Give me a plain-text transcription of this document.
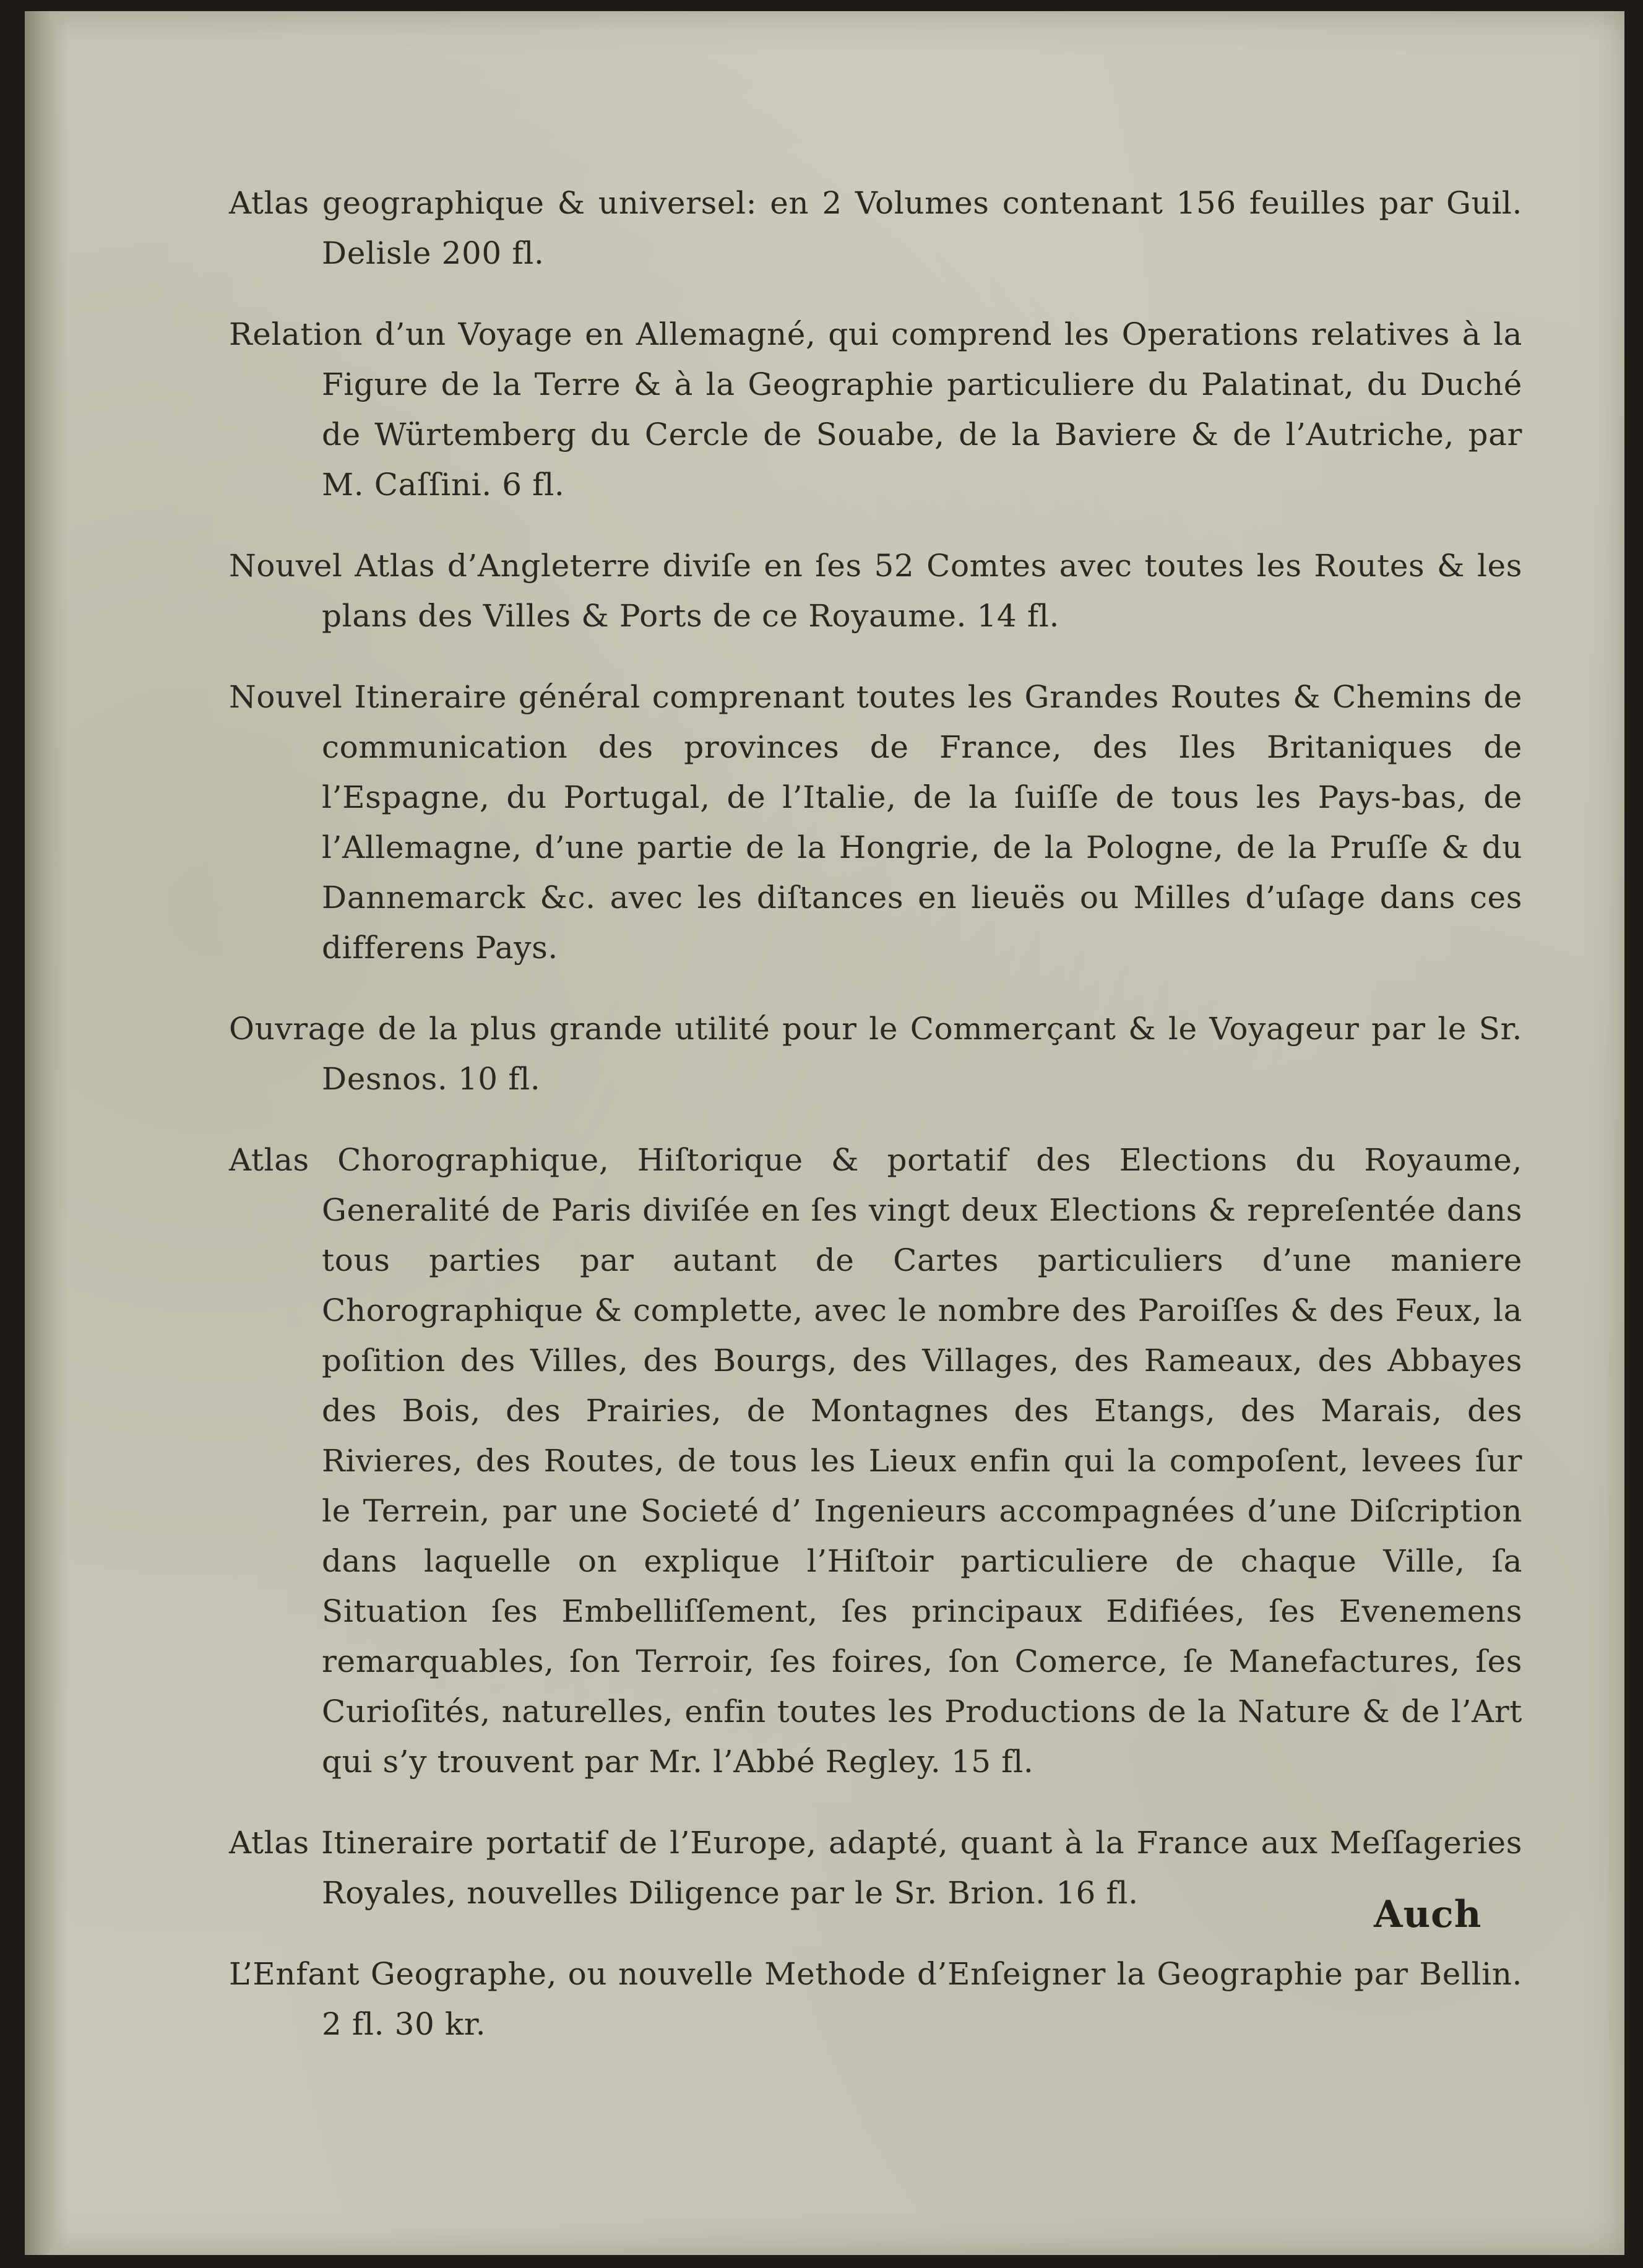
Atlas geographique & universel: en 2 Volumes contenant 156 feuilles par Guil. Delisle 200 fl.

Relation d’un Voyage en Allemagné, qui comprend les Operations relatives à la Figure de la Terre & à la Geographie particuliere du Palatinat, du Duché de Würtemberg du Cercle de Souabe, de la Baviere & de l’Autriche, par M. Caſſini. 6 fl.

Nouvel Atlas d’Angleterre diviſe en ſes 52 Comtes avec toutes les Routes & les plans des Villes & Ports de ce Royaume. 14 fl.

Nouvel Itineraire général comprenant toutes les Grandes Routes & Chemins de communication des provinces de France, des Iles Britaniques de l’Espagne, du Portugal, de l’Italie, de la ſuiſſe de tous les Pays-bas, de l’Allemagne, d’une partie de la Hongrie, de la Pologne, de la Pruſſe & du Dannemarck &c. avec les diſtances en lieuës ou Milles d’uſage dans ces differens Pays.

Ouvrage de la plus grande utilité pour le Commerçant & le Voyageur par le Sr. Desnos. 10 fl.

Atlas Chorographique, Hiſtorique & portatif des Elections du Royaume, Generalité de Paris diviſée en ſes vingt deux Elections & repreſentée dans tous parties par autant de Cartes particuliers d’une maniere Chorographique & complette, avec le nombre des Paroiſſes & des Feux, la poſition des Villes, des Bourgs, des Villages, des Rameaux, des Abbayes des Bois, des Prairies, de Montagnes des Etangs, des Marais, des Rivieres, des Routes, de tous les Lieux enfin qui la compoſent, levees ſur le Terrein, par une Societé d’ Ingenieurs accompagnées d’une Diſcription dans laquelle on explique l’Hiſtoir particuliere de chaque Ville, ſa Situation ſes Embelliſſement, ſes principaux Edifiées, ſes Evenemens remarquables, ſon Terroir, ſes foires, ſon Comerce, ſe Manefactures, ſes Curioſités, naturelles, enfin toutes les Productions de la Nature & de l’Art qui s’y trouvent par Mr. l’Abbé Regley. 15 fl.

Atlas Itineraire portatif de l’Europe, adapté, quant à la France aux Meſſageries Royales, nouvelles Diligence par le Sr. Brion. 16 fl.

L’Enfant Geographe, ou nouvelle Methode d’Enſeigner la Geographie par Bellin. 2 fl. 30 kr.

Auch
